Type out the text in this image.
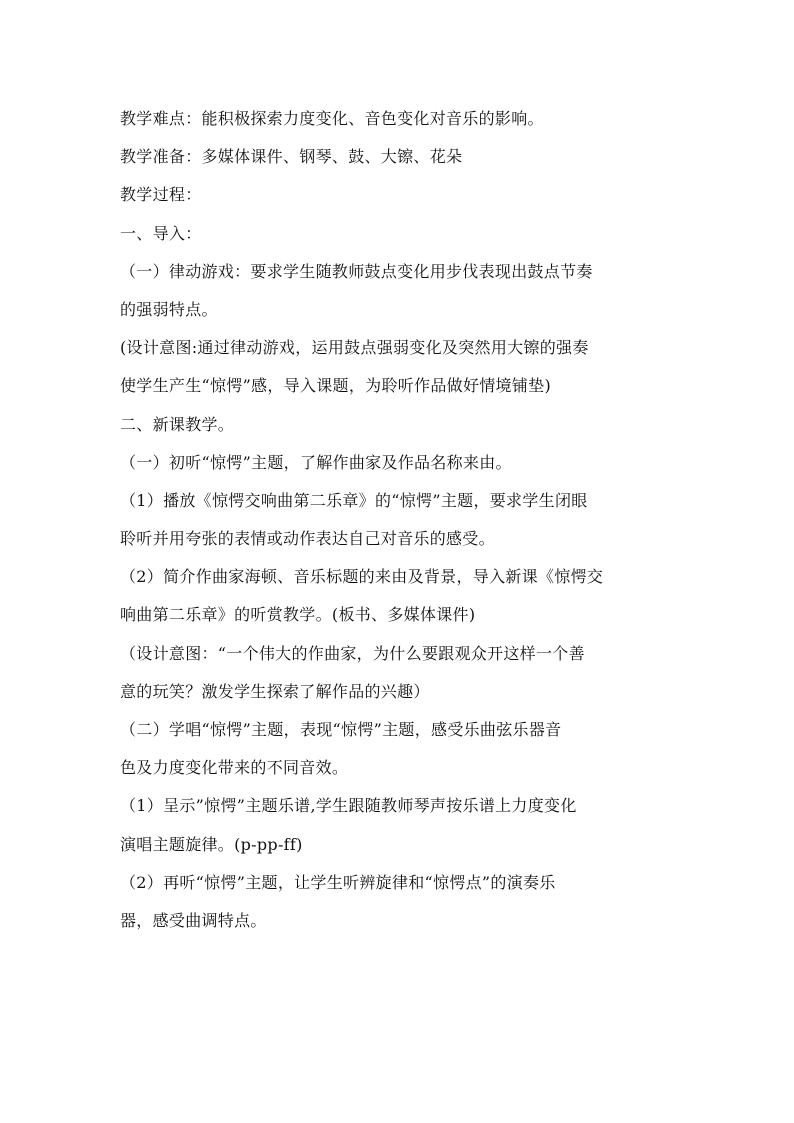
教学难点：能积极探索力度变化、音色变化对音乐的影响。
教学准备：多媒体课件、钢琴、鼓、大镲、花朵
教学过程：
一、导入：
（一）律动游戏：要求学生随教师鼓点变化用步伐表现出鼓点节奏
的强弱特点。
(设计意图:通过律动游戏，运用鼓点强弱变化及突然用大镲的强奏
使学生产生“惊愕”感，导入课题，为聆听作品做好情境铺垫)
二、新课教学。
（一）初听“惊愕”主题，了解作曲家及作品名称来由。
（1）播放《惊愕交响曲第二乐章》的“惊愕”主题，要求学生闭眼
聆听并用夸张的表情或动作表达自己对音乐的感受。
（2）简介作曲家海顿、音乐标题的来由及背景，导入新课《惊愕交
响曲第二乐章》的听赏教学。(板书、多媒体课件)
（设计意图：“一个伟大的作曲家，为什么要跟观众开这样一个善
意的玩笑？激发学生探索了解作品的兴趣）
（二）学唱“惊愕”主题，表现“惊愕”主题，感受乐曲弦乐器音
色及力度变化带来的不同音效。
（1）呈示”惊愕”主题乐谱,学生跟随教师琴声按乐谱上力度变化
演唱主题旋律。(p-pp-ff)
（2）再听“惊愕”主题，让学生听辨旋律和“惊愕点”的演奏乐
器，感受曲调特点。
